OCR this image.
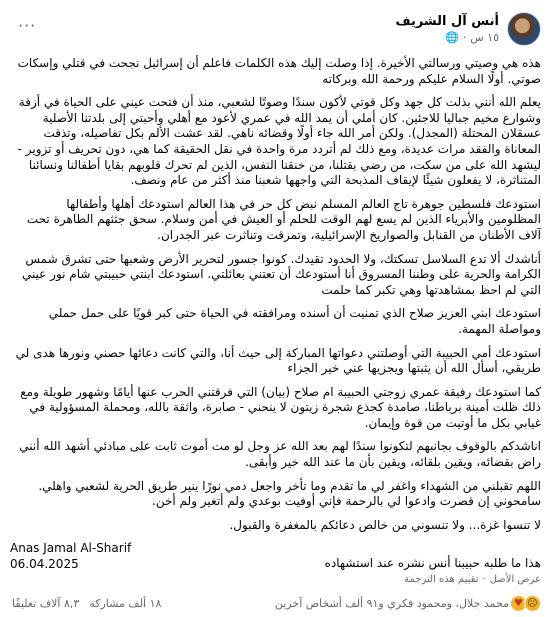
أنس آل الشريف
١٥ س
·
🌐
···

هذه هي وصيتي ورسالتي الأخيرة. إذا وصلت إليك هذه الكلمات فاعلم أن إسرائيل نجحت في قتلي وإسكات صوتي. أولًا السلام عليكم ورحمة الله وبركاته

يعلم الله أنني بذلت كل جهد وكل قوتي لأكون سندًا وصوتًا لشعبي، منذ أن فتحت عيني على الحياة في أزقة وشوارع مخيم جباليا للاجئين. كان أملي أن يمد الله في عمري لأعود مع أهلي وأحبتي إلى بلدتنا الأصلية عسقلان المحتلة (المجدل). ولكن أمر الله جاء أولًا وقضائه ناهي. لقد عشت الألم بكل تفاصيله، وتذقت المعاناة والفقد مرات عديدة، ومع ذلك لم أتردد مرة واحدة في نقل الحقيقة كما هي، دون تحريف أو تزوير - ليشهد الله على من سكت، من رضي بقتلنا، من خنقنا النفس، الذين لم تحرك قلوبهم بقايا أطفالنا ونسائنا المتناثرة، لا يفعلون شيئًا لإيقاف المذبحة التي واجهها شعبنا منذ أكثر من عام ونصف.

استودعك فلسطين جوهرة تاج العالم المسلم نبض كل حر في هذا العالم استودعك أهلها وأطفالها المظلومين والأبرياء الذين لم يسع لهم الوقت للحلم أو العيش في أمن وسلام. سحق جثثهم الطاهرة تحت آلاف الأطنان من القنابل والصواريخ الإسرائيلية، وتمزقت وتناثرت عبر الجدران.

أناشدك ألا تدع السلاسل تسكتك، ولا الحدود تقيدك. كونوا جسور لتحرير الأرض وشعبها حتى تشرق شمس الكرامة والحرية على وطننا المسروق أنا أستودعك أن تعتني بعائلتي. استودعك ابنتي حبيبتي شام نور عيني التي لم احظ بمشاهدتها وهي تكبر كما حلمت

استودعك ابني العزيز صلاح الذي تمنيت أن أسنده ومرافقته في الحياة حتى كبر قويًا على حمل حملي ومواصلة المهمة.

استودعك أمي الحبيبة التي أوصلتني دعواتها المباركة إلى حيث أنا، والتي كانت دعائها حصني ونورها هدى لي طريقي، أسأل الله أن يثبتها ويجزيها عني خير الجزاء

كما استودعك رفيقة عمري زوجتي الحبيبة ام صلاح (بيان) التي فرقتني الحرب عنها أيامًا وشهور طويلة ومع ذلك ظلت أمينة برباطنا، صامدة كجذع شجرة زيتون لا ينحني - صابرة، واثقة بالله، ومحملة المسؤولية في غيابي بكل ما أوتيت من قوة وإيمان.

اناشدكم بالوقوف بجانبهم لتكونوا سندًا لهم بعد الله عز وجل لو مت أموت ثابت على مبادئي أشهد الله أنني راض بقضائه، ويقين بلقائه، ويقين بأن ما عند الله خير وأبقى.

اللهم تقبلني من الشهداء واغفر لي ما تقدم وما تأخر واجعل دمي نورًا ينير طريق الحرية لشعبي واهلي. سامحوني إن قصرت وادعوا لي بالرحمة فإني أوفيت بوعدي ولم أتغير ولم أخن.

لا تنسوا غزة... ولا تنسوني من خالص دعائكم بالمغفرة والقبول.

Anas Jamal Al-Sharif

06.04.2025	هذا ما طلبه حبيبنا أنس نشره عند استشهاده
عرض الأصل
·
تقييم هذه الترجمة
١٨ ألف مشاركة
٨,٣ آلاف تعليقًا	♥ ☹
محمد جلال، ومحمود فكري و٩١ ألف أشخاص آخرين
